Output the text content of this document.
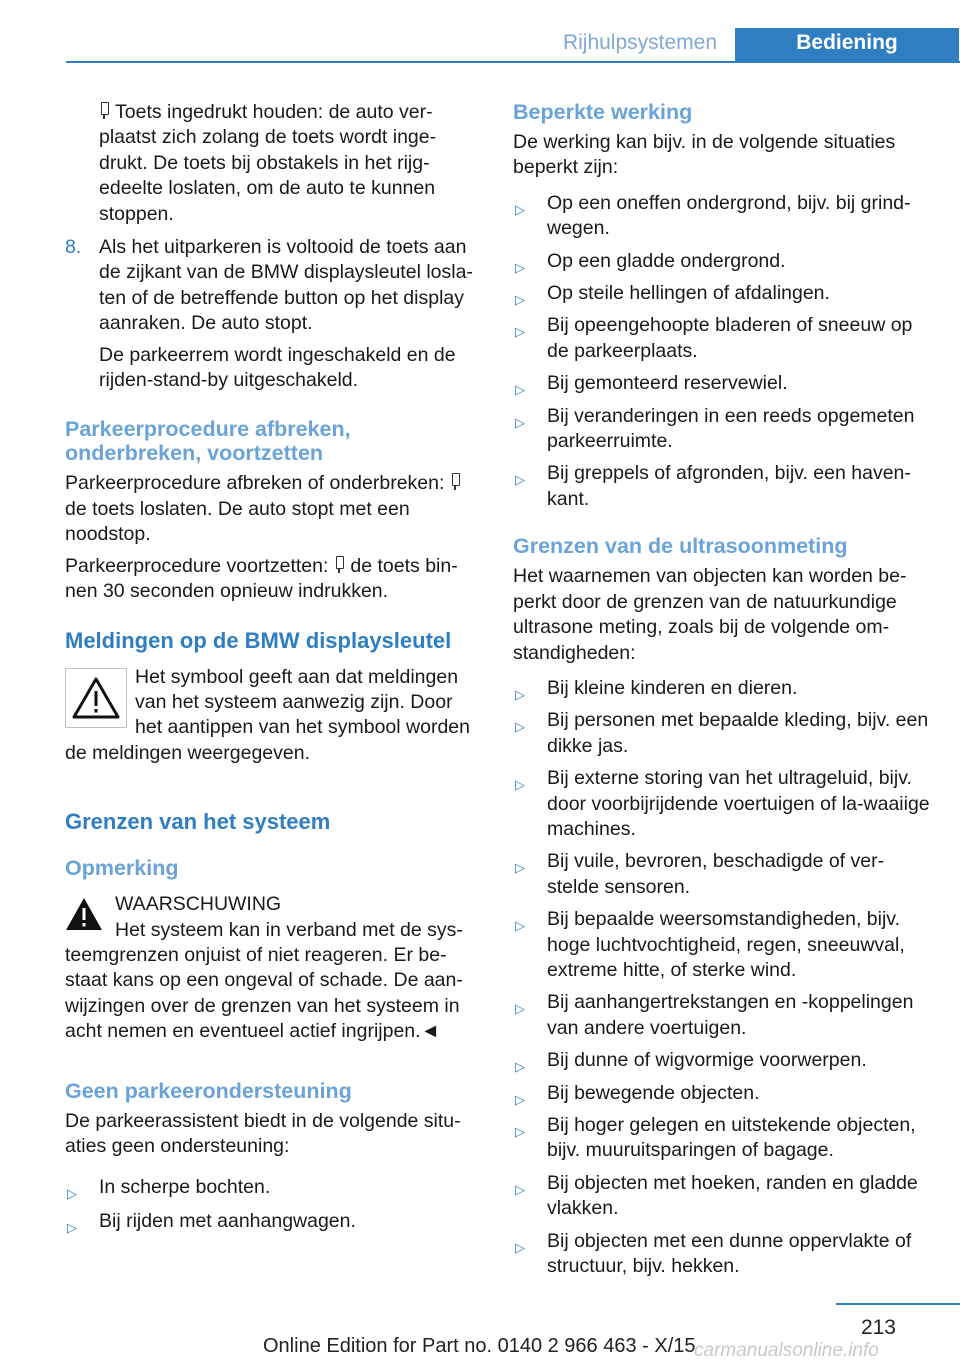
Rijhulpsystemen	Bediening
Toets ingedrukt houden: de auto ver-plaatst zich zolang de toets wordt inge-drukt. De toets bij obstakels in het rijg-edeelte loslaten, om de auto te kunnen stoppen.
8. Als het uitparkeren is voltooid de toets aan de zijkant van de BMW displaysleutel losla-ten of de betreffende button op het display aanraken. De auto stopt.

De parkeerrem wordt ingeschakeld en de rijden-stand-by uitgeschakeld.

Parkeerprocedure afbreken, onderbreken, voortzetten

Parkeerprocedure afbreken of onderbreken:de toets loslaten. De auto stopt met een noodstop.

Parkeerprocedure voortzetten: de toets bin-nen 30 seconden opnieuw indrukken.

Meldingen op de BMW displaysleutel

Het symbool geeft aan dat meldingen van het systeem aanwezig zijn. Door het aantippen van het symbool worden de meldingen weergegeven.

Grenzen van het systeem
Opmerking

WAARSCHUWING

Het systeem kan in verband met de sys-teemgrenzen onjuist of niet reageren. Er be-staat kans op een ongeval of schade. De aan-wijzingen over de grenzen van het systeem in acht nemen en eventueel actief ingrijpen.◄

Geen parkeerondersteuning

De parkeerassistent biedt in de volgende situ-aties geen ondersteuning:

▷ In scherpe bochten.
▷ Bij rijden met aanhangwagen.
Beperkte werking

De werking kan bijv. in de volgende situaties beperkt zijn:

▷ Op een oneffen ondergrond, bijv. bij grind-wegen.
▷ Op een gladde ondergrond.
▷ Op steile hellingen of afdalingen.
▷ Bij opeengehoopte bladeren of sneeuw op de parkeerplaats.
▷ Bij gemonteerd reservewiel.
▷ Bij veranderingen in een reeds opgemeten parkeerruimte.
▷ Bij greppels of afgronden, bijv. een haven-kant.
Grenzen van de ultrasoonmeting

Het waarnemen van objecten kan worden be-perkt door de grenzen van de natuurkundige ultrasone meting, zoals bij de volgende om-standigheden:

▷ Bij kleine kinderen en dieren.
▷ Bij personen met bepaalde kleding, bijv. een dikke jas.
▷ Bij externe storing van het ultrageluid, bijv. door voorbijrijdende voertuigen of la-waaiige machines.
▷ Bij vuile, bevroren, beschadigde of ver-stelde sensoren.
▷ Bij bepaalde weersomstandigheden, bijv. hoge luchtvochtigheid, regen, sneeuwval, extreme hitte, of sterke wind.
▷ Bij aanhangertrekstangen en -koppelingen van andere voertuigen.
▷ Bij dunne of wigvormige voorwerpen.
▷ Bij bewegende objecten.
▷ Bij hoger gelegen en uitstekende objecten, bijv. muuruitsparingen of bagage.
▷ Bij objecten met hoeken, randen en gladde vlakken.
▷ Bij objecten met een dunne oppervlakte of structuur, bijv. hekken.
213
Online Edition for Part no. 0140 2 966 463 - X/15
carmanualsonline.info
